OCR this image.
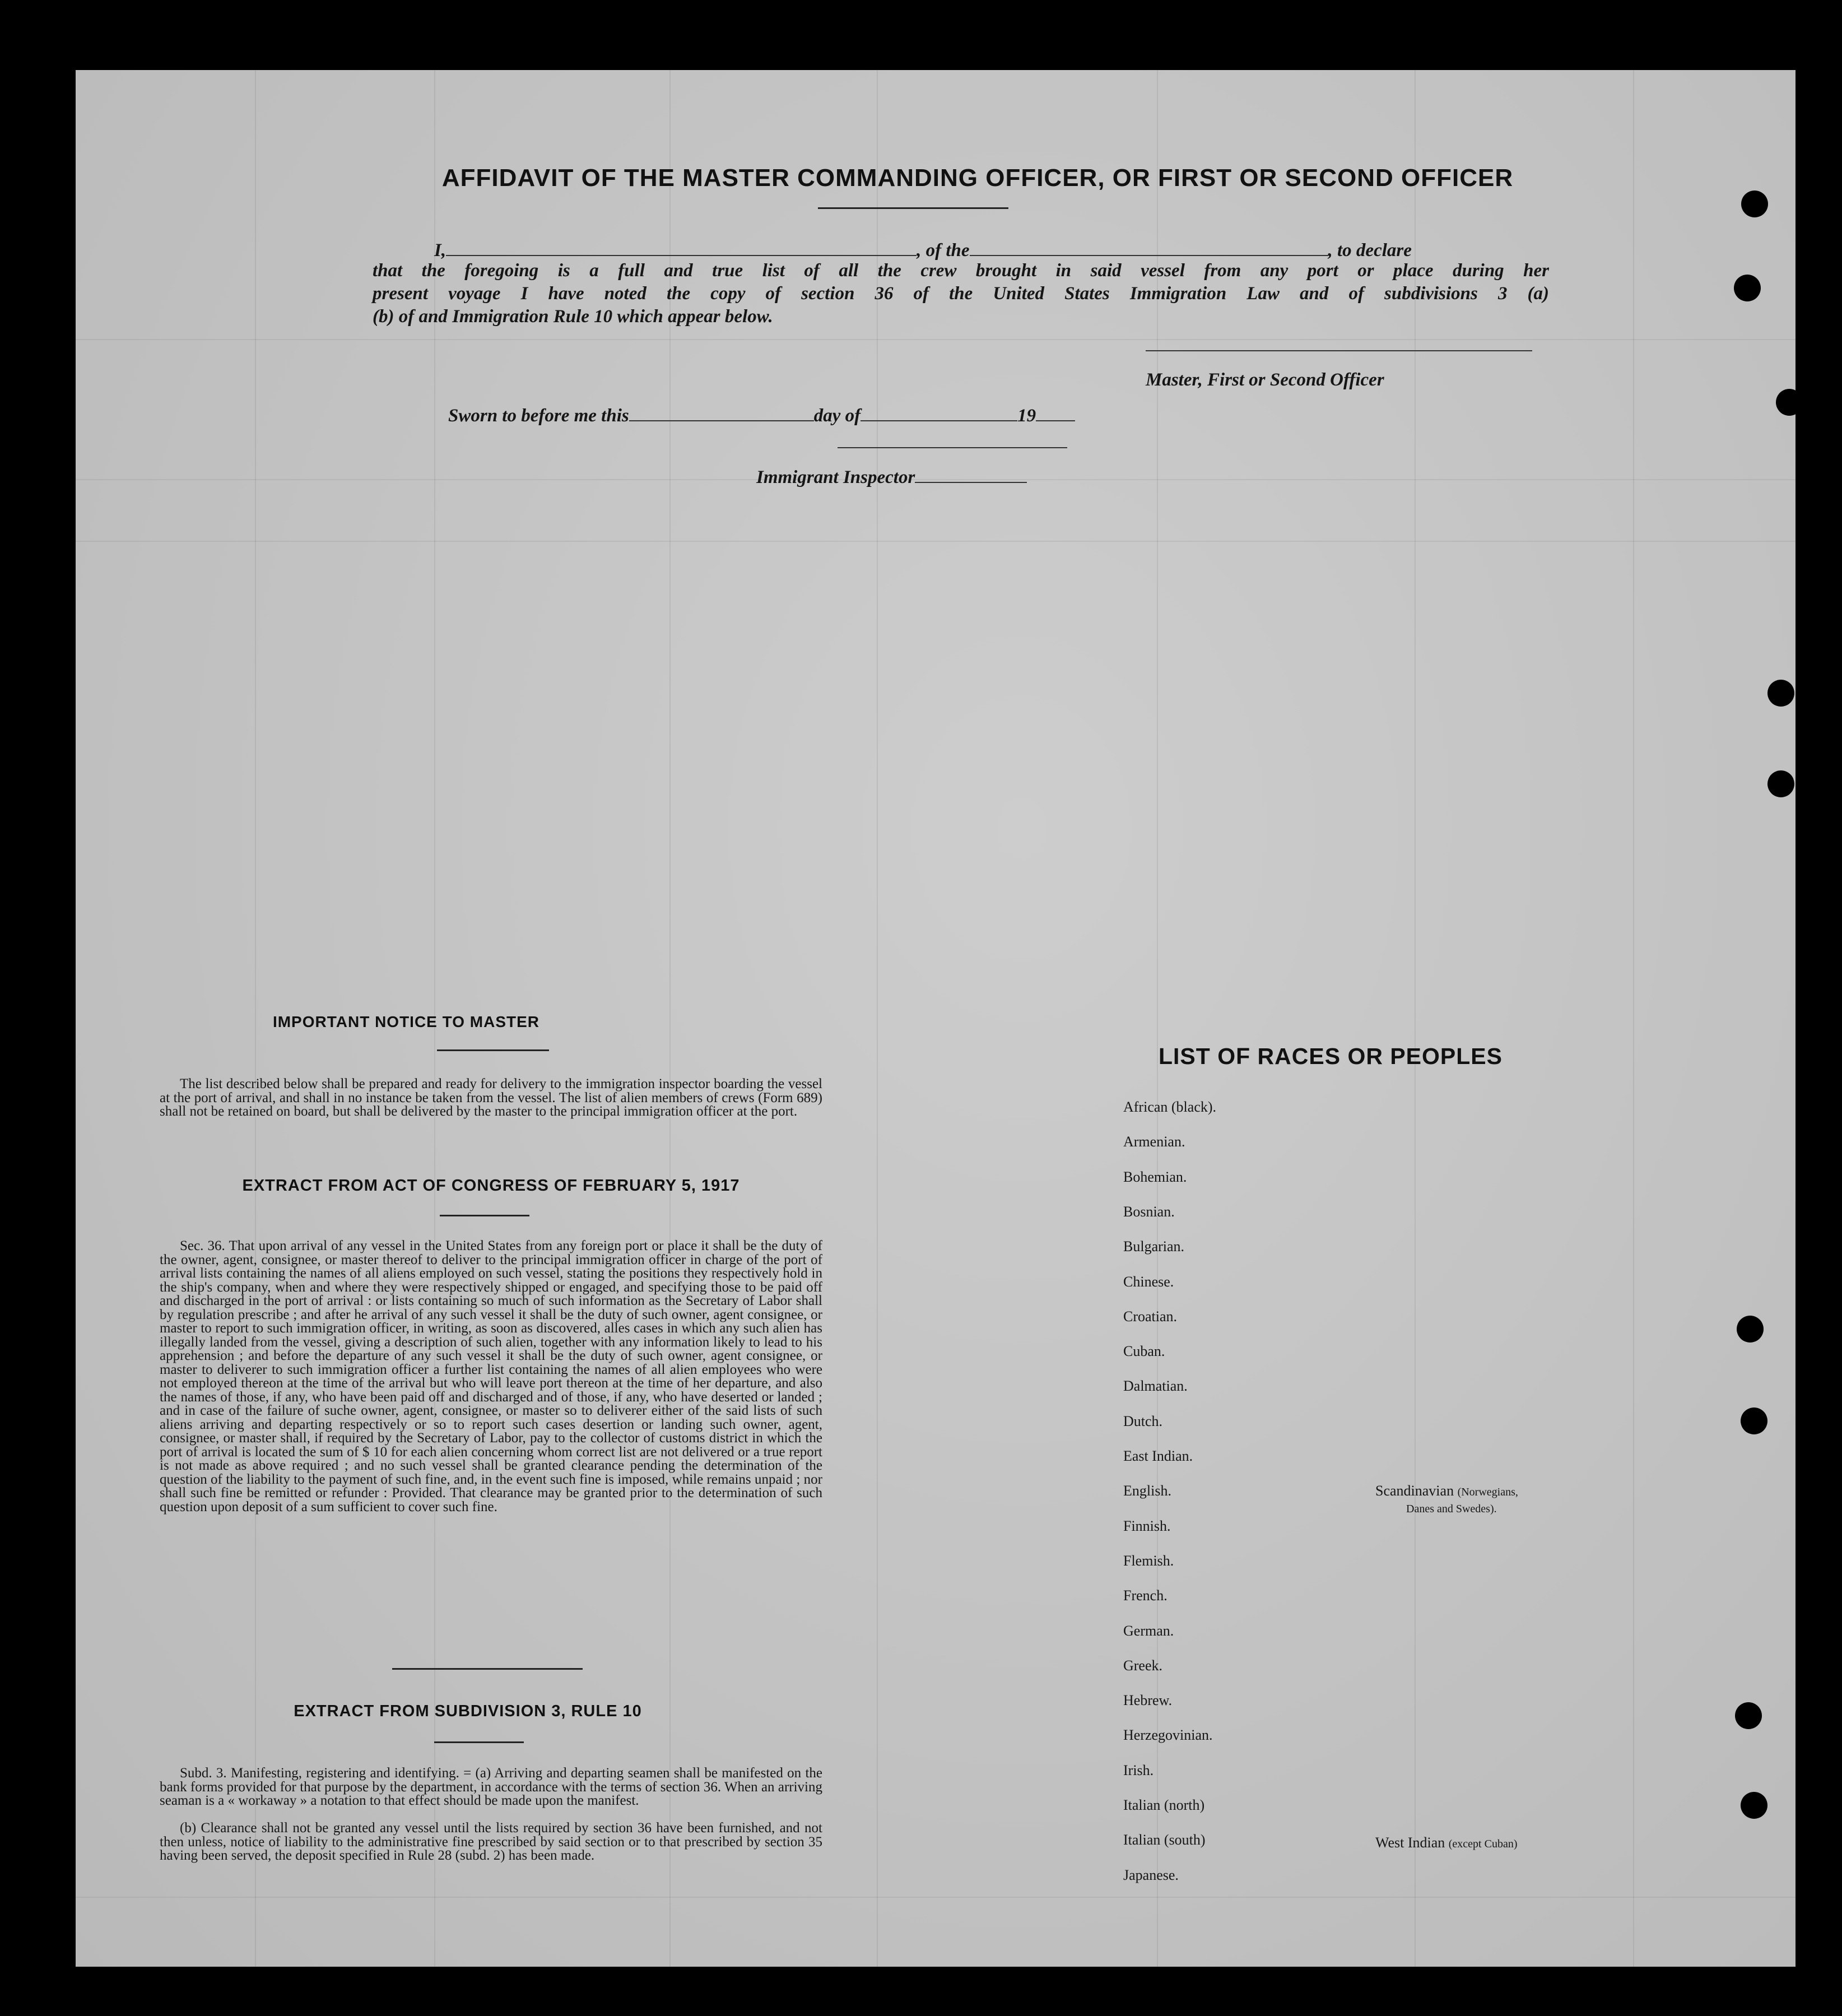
AFFIDAVIT OF THE MASTER COMMANDING OFFICER, OR FIRST OR SECOND OFFICER
I,	, of the	, to declare
that the foregoing is a full and true list of all the crew brought in said vessel from any port or place during her
present voyage I have noted the copy of section 36 of the United States Immigration Law and of subdivisions 3 (a)
(b) of and Immigration Rule 10 which appear below.
Master, First or Second Officer
Sworn to before me this	day of	19
Immigrant Inspector
IMPORTANT NOTICE TO MASTER
The list described below shall be prepared and ready for delivery to the immigration inspector boarding the vessel at the port of arrival, and shall in no instance be taken from the vessel. The list of alien members of crews (Form 689) shall not be retained on board, but shall be delivered by the master to the principal immigration officer at the port.
EXTRACT FROM ACT OF CONGRESS OF FEBRUARY 5, 1917
Sec. 36. That upon arrival of any vessel in the United States from any foreign port or place it shall be the duty of the owner, agent, consignee, or master thereof to deliver to the principal immigration officer in charge of the port of arrival lists containing the names of all aliens employed on such vessel, stating the positions they respectively hold in the ship's company, when and where they were respectively shipped or engaged, and specifying those to be paid off and discharged in the port of arrival : or lists containing so much of such information as the Secretary of Labor shall by regulation prescribe ; and after he arrival of any such vessel it shall be the duty of such owner, agent consignee, or master to report to such immigration officer, in writing, as soon as discovered, alles cases in which any such alien has illegally landed from the vessel, giving a description of such alien, together with any information likely to lead to his apprehension ; and before the departure of any such vessel it shall be the duty of such owner, agent consignee, or master to deliverer to such immigration officer a further list containing the names of all alien employees who were not employed thereon at the time of the arrival but who will leave port thereon at the time of her departure, and also the names of those, if any, who have been paid off and discharged and of those, if any, who have deserted or landed ; and in case of the failure of suche owner, agent, consignee, or master so to deliverer either of the said lists of such aliens arriving and departing respectively or so to report such cases desertion or landing such owner, agent, consignee, or master shall, if required by the Secretary of Labor, pay to the collector of customs district in which the port of arrival is located the sum of $ 10 for each alien concerning whom correct list are not delivered or a true report is not made as above required ; and no such vessel shall be granted clearance pending the determination of the question of the liability to the payment of such fine, and, in the event such fine is imposed, while remains unpaid ; nor shall such fine be remitted or refunder : Provided. That clearance may be granted prior to the determination of such question upon deposit of a sum sufficient to cover such fine.
EXTRACT FROM SUBDIVISION 3, RULE 10
Subd. 3. Manifesting, registering and identifying. = (a) Arriving and departing seamen shall be manifested on the bank forms provided for that purpose by the department, in accordance with the terms of section 36. When an arriving seaman is a « workaway » a notation to that effect should be made upon the manifest.
(b) Clearance shall not be granted any vessel until the lists required by section 36 have been furnished, and not then unless, notice of liability to the administrative fine prescribed by said section or to that prescribed by section 35 having been served, the deposit specified in Rule 28 (subd. 2) has been made.
LIST OF RACES OR PEOPLES
African (black).
Armenian.
Bohemian.
Bosnian.
Bulgarian.
Chinese.
Croatian.
Cuban.
Dalmatian.
Dutch.
East Indian.
English.
Finnish.
Flemish.
French.
German.
Greek.
Hebrew.
Herzegovinian.
Irish.
Italian (north)
Italian (south)
Japanese.
Scandinavian (Norwegians,
Danes and Swedes).
West Indian (except Cuban)
